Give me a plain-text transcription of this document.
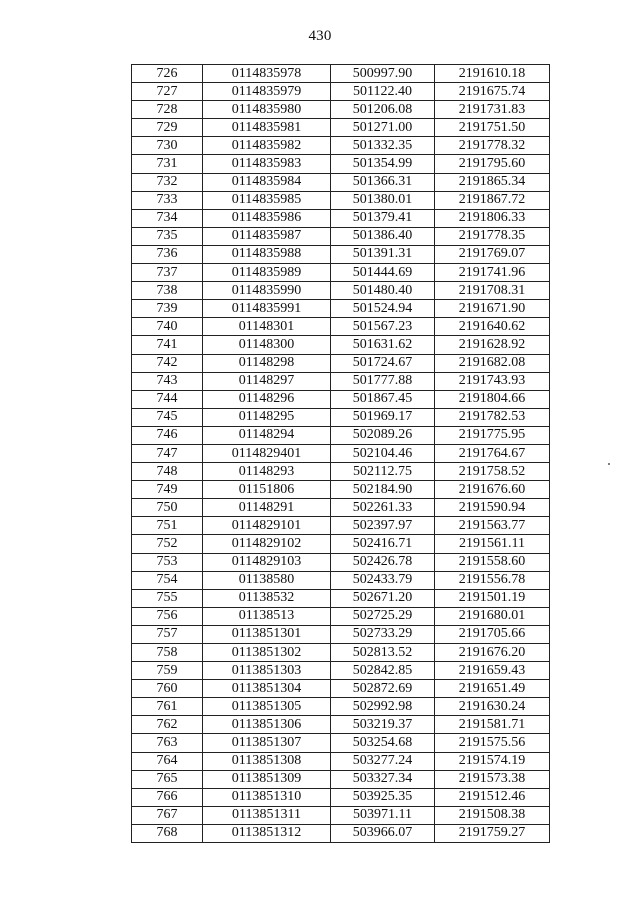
430
726	0114835978	500997.90	2191610.18
727	0114835979	501122.40	2191675.74
728	0114835980	501206.08	2191731.83
729	0114835981	501271.00	2191751.50
730	0114835982	501332.35	2191778.32
731	0114835983	501354.99	2191795.60
732	0114835984	501366.31	2191865.34
733	0114835985	501380.01	2191867.72
734	0114835986	501379.41	2191806.33
735	0114835987	501386.40	2191778.35
736	0114835988	501391.31	2191769.07
737	0114835989	501444.69	2191741.96
738	0114835990	501480.40	2191708.31
739	0114835991	501524.94	2191671.90
740	01148301	501567.23	2191640.62
741	01148300	501631.62	2191628.92
742	01148298	501724.67	2191682.08
743	01148297	501777.88	2191743.93
744	01148296	501867.45	2191804.66
745	01148295	501969.17	2191782.53
746	01148294	502089.26	2191775.95
747	0114829401	502104.46	2191764.67
748	01148293	502112.75	2191758.52
749	01151806	502184.90	2191676.60
750	01148291	502261.33	2191590.94
751	0114829101	502397.97	2191563.77
752	0114829102	502416.71	2191561.11
753	0114829103	502426.78	2191558.60
754	01138580	502433.79	2191556.78
755	01138532	502671.20	2191501.19
756	01138513	502725.29	2191680.01
757	0113851301	502733.29	2191705.66
758	0113851302	502813.52	2191676.20
759	0113851303	502842.85	2191659.43
760	0113851304	502872.69	2191651.49
761	0113851305	502992.98	2191630.24
762	0113851306	503219.37	2191581.71
763	0113851307	503254.68	2191575.56
764	0113851308	503277.24	2191574.19
765	0113851309	503327.34	2191573.38
766	0113851310	503925.35	2191512.46
767	0113851311	503971.11	2191508.38
768	0113851312	503966.07	2191759.27
